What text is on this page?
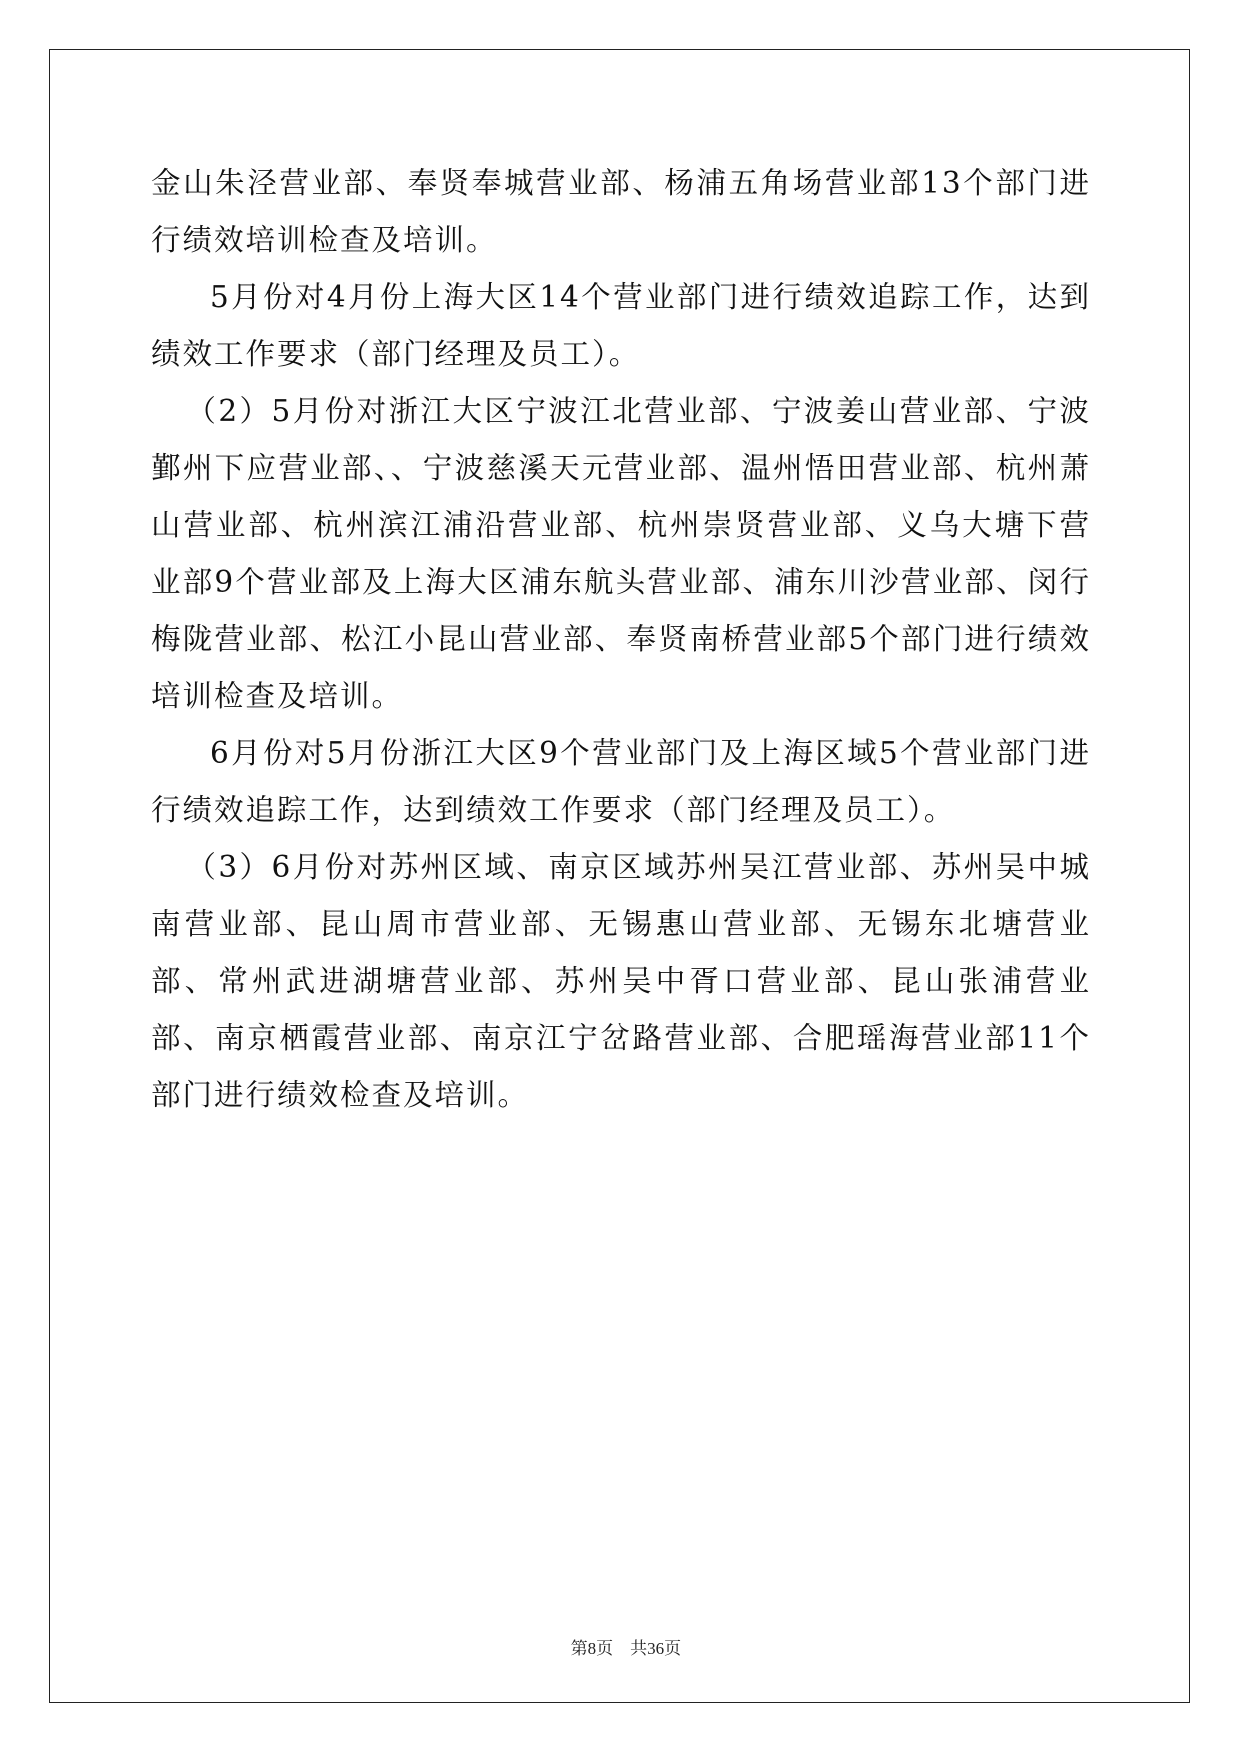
金山朱泾营业部、奉贤奉城营业部、杨浦五角场营业部13个部门进行绩效培训检查及培训。

5月份对4月份上海大区14个营业部门进行绩效追踪工作，达到绩效工作要求（部门经理及员工）。

（2）5月份对浙江大区宁波江北营业部、宁波姜山营业部、宁波鄞州下应营业部、、宁波慈溪天元营业部、温州悟田营业部、杭州萧山营业部、杭州滨江浦沿营业部、杭州崇贤营业部、义乌大塘下营业部9个营业部及上海大区浦东航头营业部、浦东川沙营业部、闵行梅陇营业部、松江小昆山营业部、奉贤南桥营业部5个部门进行绩效培训检查及培训。

6月份对5月份浙江大区9个营业部门及上海区域5个营业部门进行绩效追踪工作，达到绩效工作要求（部门经理及员工）。

（3）6月份对苏州区域、南京区域苏州吴江营业部、苏州吴中城南营业部、昆山周市营业部、无锡惠山营业部、无锡东北塘营业部、常州武进湖塘营业部、苏州吴中胥口营业部、昆山张浦营业部、南京栖霞营业部、南京江宁岔路营业部、合肥瑶海营业部11个部门进行绩效检查及培训。

第8页　共36页
